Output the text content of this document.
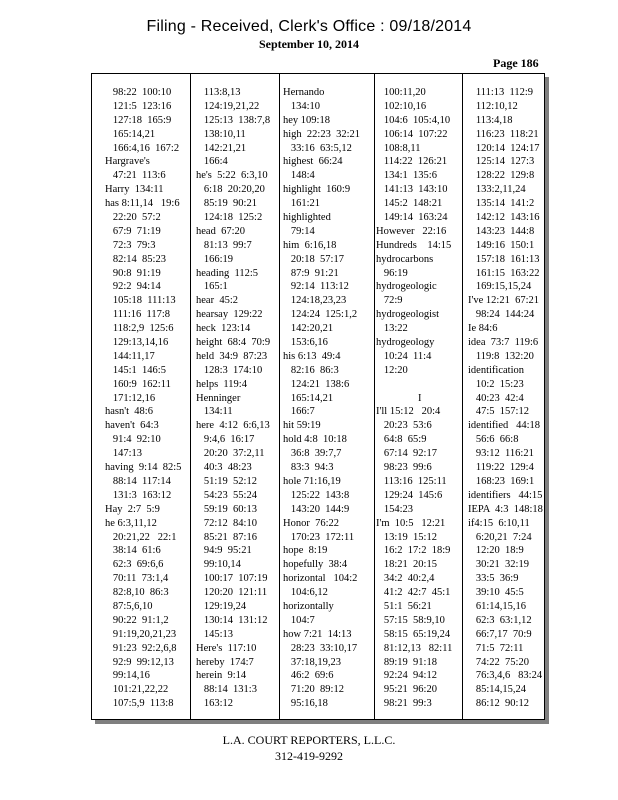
Filing - Received, Clerk's Office : 09/18/2014
September 10, 2014
Page 186
98:22  100:10
121:5  123:16
127:18  165:9
165:14,21
166:4,16  167:2
Hargrave's
47:21  113:6
Harry  134:11
has 8:11,14   19:6
22:20  57:2
67:9  71:19
72:3  79:3
82:14  85:23
90:8  91:19
92:2  94:14
105:18  111:13
111:16  117:8
118:2,9  125:6
129:13,14,16
144:11,17
145:1  146:5
160:9  162:11
171:12,16
hasn't  48:6
haven't  64:3
91:4  92:10
147:13
having  9:14  82:5
88:14  117:14
131:3  163:12
Hay  2:7  5:9
he 6:3,11,12
20:21,22   22:1
38:14  61:6
62:3  69:6,6
70:11  73:1,4
82:8,10  86:3
87:5,6,10
90:22  91:1,2
91:19,20,21,23
91:23  92:2,6,8
92:9  99:12,13
99:14,16
101:21,22,22
107:5,9  113:8
113:8,13
124:19,21,22
125:13  138:7,8
138:10,11
142:21,21
166:4
he's  5:22  6:3,10
6:18  20:20,20
85:19  90:21
124:18  125:2
head  67:20
81:13  99:7
166:19
heading  112:5
165:1
hear  45:2
hearsay  129:22
heck  123:14
height  68:4  70:9
held  34:9  87:23
128:3  174:10
helps  119:4
Henninger
134:11
here  4:12  6:6,13
9:4,6  16:17
20:20  37:2,11
40:3  48:23
51:19  52:12
54:23  55:24
59:19  60:13
72:12  84:10
85:21  87:16
94:9  95:21
99:10,14
100:17  107:19
120:20  121:11
129:19,24
130:14  131:12
145:13
Here's  117:10
hereby  174:7
herein  9:14
88:14  131:3
163:12
Hernando
134:10
hey 109:18
high  22:23  32:21
33:16  63:5,12
highest  66:24
148:4
highlight  160:9
161:21
highlighted
79:14
him  6:16,18
20:18  57:17
87:9  91:21
92:14  113:12
124:18,23,23
124:24  125:1,2
142:20,21
153:6,16
his 6:13  49:4
82:16  86:3
124:21  138:6
165:14,21
166:7
hit 59:19
hold 4:8  10:18
36:8  39:7,7
83:3  94:3
hole 71:16,19
125:22  143:8
143:20  144:9
Honor  76:22
170:23  172:11
hope  8:19
hopefully  38:4
horizontal   104:2
104:6,12
horizontally
104:7
how 7:21  14:13
28:23  33:10,17
37:18,19,23
46:2  69:6
71:20  89:12
95:16,18
100:11,20
102:10,16
104:6  105:4,10
106:14  107:22
108:8,11
114:22  126:21
134:1  135:6
141:13  143:10
145:2  148:21
149:14  163:24
However   22:16
Hundreds    14:15
hydrocarbons
96:19
hydrogeologic
72:9
hydrogeologist
13:22
hydrogeology
10:24  11:4
12:20
I
I'll 15:12   20:4
20:23  53:6
64:8  65:9
67:14  92:17
98:23  99:6
113:16  125:11
129:24  145:6
154:23
I'm  10:5   12:21
13:19  15:12
16:2  17:2  18:9
18:21  20:15
34:2  40:2,4
41:2  42:7  45:1
51:1  56:21
57:15  58:9,10
58:15  65:19,24
81:12,13   82:11
89:19  91:18
92:24  94:12
95:21  96:20
98:21  99:3
111:13  112:9
112:10,12
113:4,18
116:23  118:21
120:14  124:17
125:14  127:3
128:22  129:8
133:2,11,24
135:14  141:2
142:12  143:16
143:23  144:8
149:16  150:1
157:18  161:13
161:15  163:22
169:15,15,24
I've 12:21  67:21
98:24  144:24
Ie 84:6
idea  73:7  119:6
119:8  132:20
identification
10:2  15:23
40:23  42:4
47:5  157:12
identified   44:18
56:6  66:8
93:12  116:21
119:22  129:4
168:23  169:1
identifiers   44:15
IEPA  4:3  148:18
if4:15  6:10,11
6:20,21  7:24
12:20  18:9
30:21  32:19
33:5  36:9
39:10  45:5
61:14,15,16
62:3  63:1,12
66:7,17  70:9
71:5  72:11
74:22  75:20
76:3,4,6   83:24
85:14,15,24
86:12  90:12
L.A. COURT REPORTERS, L.L.C.
312-419-9292
